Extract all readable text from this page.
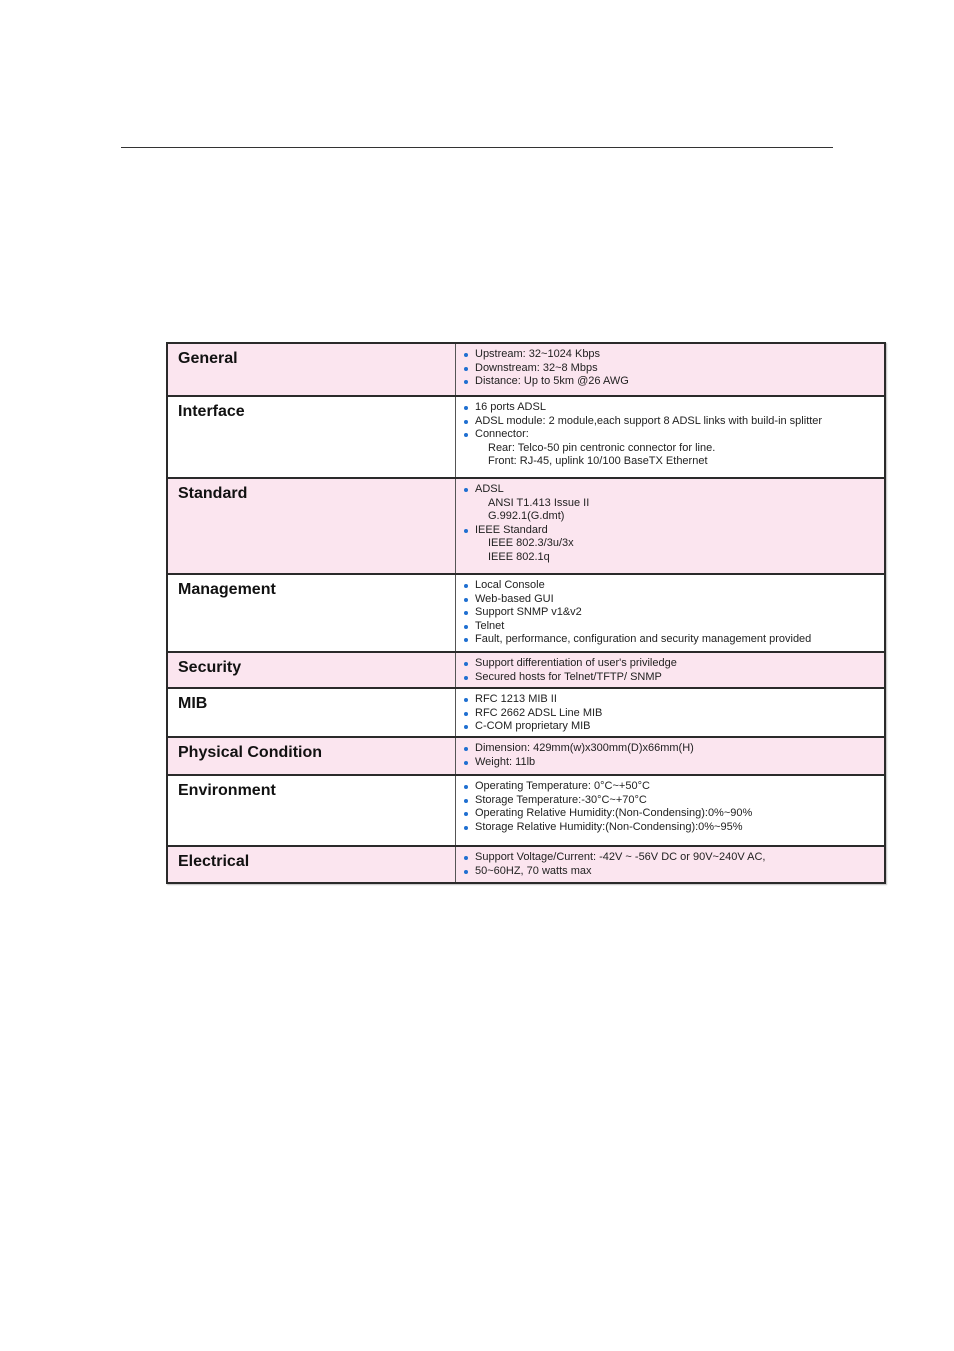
General	Upstream: 32~1024 Kbps
Downstream: 32~8 Mbps
Distance: Up to 5km @26 AWG
Interface	16 ports ADSL
ADSL module: 2 module,each support 8 ADSL links with build-in splitter
Connector:
Rear: Telco-50 pin centronic connector for line.
Front: RJ-45, uplink 10/100 BaseTX Ethernet
Standard	ADSL
ANSI T1.413 Issue II
G.992.1(G.dmt)
IEEE Standard
IEEE 802.3/3u/3x
IEEE 802.1q
Management	Local Console
Web-based GUI
Support SNMP v1&v2
Telnet
Fault, performance, configuration and security management provided
Security	Support differentiation of user's priviledge
Secured hosts for Telnet/TFTP/ SNMP
MIB	RFC 1213 MIB II
RFC 2662 ADSL Line MIB
C-COM proprietary MIB
Physical Condition	Dimension: 429mm(w)x300mm(D)x66mm(H)
Weight: 11lb
Environment	Operating Temperature: 0°C~+50°C
Storage Temperature:-30°C~+70°C
Operating Relative Humidity:(Non-Condensing):0%~90%
Storage Relative Humidity:(Non-Condensing):0%~95%
Electrical	Support Voltage/Current: -42V ~ -56V DC or 90V~240V AC,
50~60HZ, 70 watts max
